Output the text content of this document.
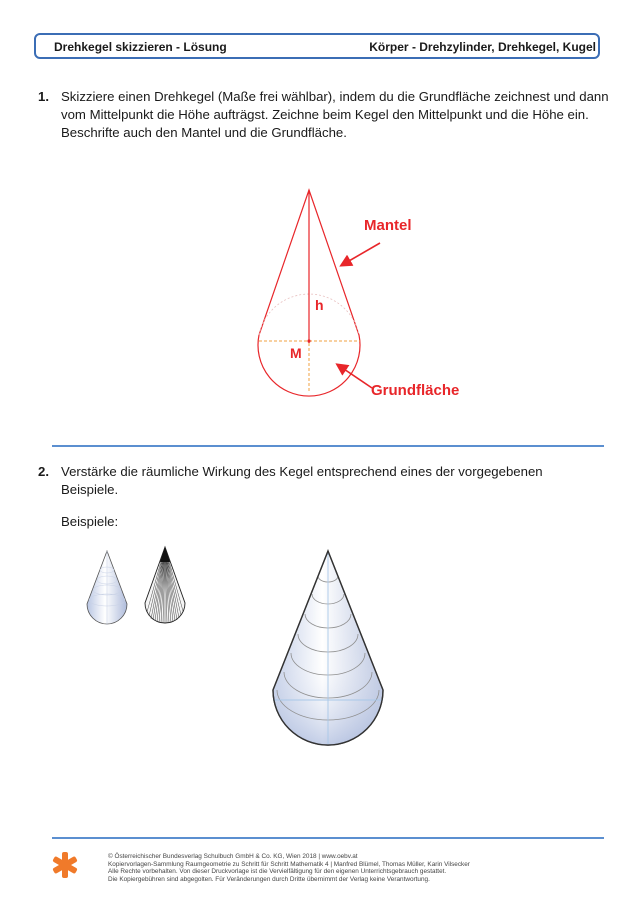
Drehkegel skizzieren - Lösung	Körper - Drehzylinder, Drehkegel, Kugel
1. Skizziere einen Drehkegel (Maße frei wählbar), indem du die Grundfläche zeichnest und dann
vom Mittelpunkt die Höhe aufträgst. Zeichne beim Kegel den Mittelpunkt und die Höhe ein.
Beschrifte auch den Mantel und die Grundfläche.
Mantel
h
M
Grundfläche
2. Verstärke die räumliche Wirkung des Kegel entsprechend eines der vorgegebenen
Beispiele.
Beispiele:
© Österreichischer Bundesverlag Schulbuch GmbH & Co. KG, Wien 2018 | www.oebv.at
Kopiervorlagen-Sammlung Raumgeometrie zu Schritt für Schritt Mathematik 4 | Manfred Blümel, Thomas Müller, Karin Vilsecker
Alle Rechte vorbehalten. Von dieser Druckvorlage ist die Vervielfältigung für den eigenen Unterrichtsgebrauch gestattet.
Die Kopiergebühren sind abgegolten. Für Veränderungen durch Dritte übernimmt der Verlag keine Verantwortung.
